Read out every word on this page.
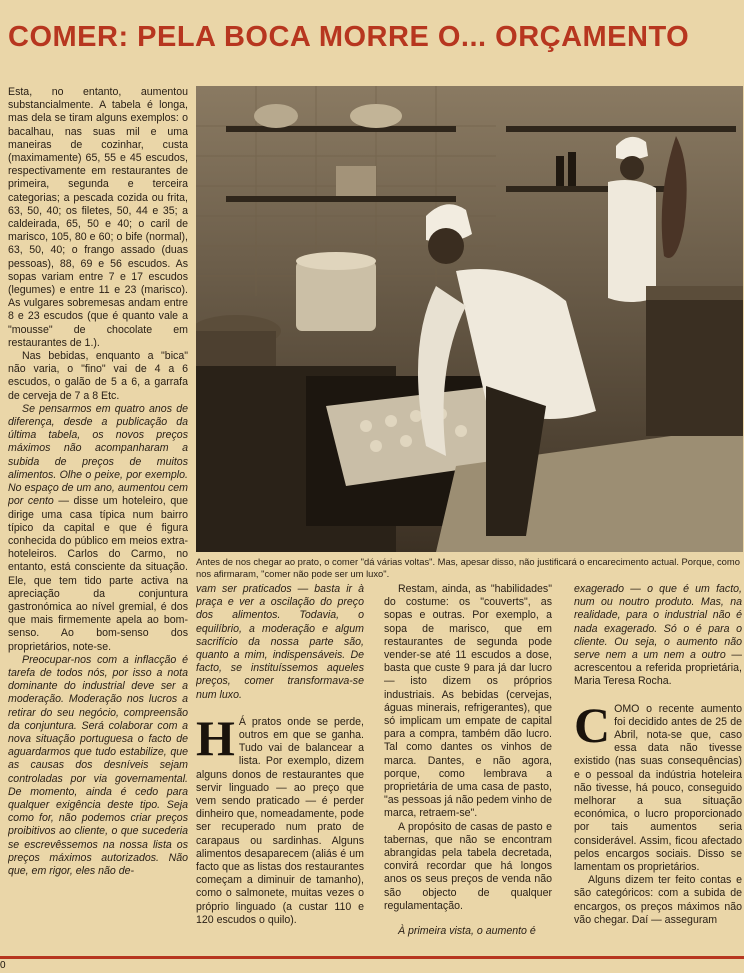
COMER: PELA BOCA MORRE O... ORÇAMENTO

Esta, no entanto, aumentou substancialmente. A tabela é longa, mas dela se tiram alguns exemplos: o bacalhau, nas suas mil e uma maneiras de cozinhar, custa (maximamente) 65, 55 e 45 escudos, respectivamente em restaurantes de primeira, segunda e terceira categorias; a pescada cozida ou frita, 63, 50, 40; os filetes, 50, 44 e 35; a caldeirada, 65, 50 e 40; o caril de marisco, 105, 80 e 60; o bife (normal), 63, 50, 40; o frango assado (duas pessoas), 88, 69 e 56 escudos. As sopas variam entre 7 e 17 escudos (legumes) e entre 11 e 23 (marisco). As vulgares sobremesas andam entre 8 e 23 escudos (que é quanto vale a "mousse" de chocolate em restaurantes de 1.).

Nas bebidas, enquanto a "bica" não varia, o "fino" vai de 4 a 6 escudos, o galão de 5 a 6, a garrafa de cerveja de 7 a 8 Etc.

Se pensarmos em quatro anos de diferença, desde a publicação da última tabela, os novos preços máximos não acompanharam a subida de preços de muitos alimentos. Olhe o peixe, por exemplo. No espaço de um ano, aumentou cem por cento — disse um hoteleiro, que dirige uma casa típica num bairro típico da capital e que é figura conhecida do público em meios extra-hoteleiros. Carlos do Carmo, no entanto, está consciente da situação. Ele, que tem tido parte activa na apreciação da conjuntura gastronómica ao nível gremial, é dos que mais firmemente apela ao bom-senso. Ao bom-senso dos proprietários, note-se.

Preocupar-nos com a inflacção é tarefa de todos nós, por isso a nota dominante do industrial deve ser a moderação. Moderação nos lucros a retirar do seu negócio, compreensão da conjuntura. Será colaborar com a nova situação portuguesa o facto de aguardarmos que tudo estabilize, que as causas dos desníveis sejam controladas por via governamental. De momento, ainda é cedo para qualquer exigência deste tipo. Seja como for, não podemos criar preços proibitivos ao cliente, o que sucederia se escrevêssemos na nossa lista os preços máximos autorizados. Não que, em rigor, eles não de-

Antes de nos chegar ao prato, o comer "dá várias voltas". Mas, apesar disso, não justificará o encarecimento actual. Porque, como nos afirmaram, "comer não pode ser um luxo".

vam ser praticados — basta ir à praça e ver a oscilação do preço dos alimentos. Todavia, o equilíbrio, a moderação e algum sacrifício da nossa parte são, quanto a mim, indispensáveis. De facto, se instituíssemos aqueles preços, comer transformava-se num luxo.

H Á pratos onde se perde, outros em que se ganha. Tudo vai de balancear a lista. Por exemplo, dizem alguns donos de restaurantes que servir linguado — ao preço que vem sendo praticado — é perder dinheiro que, nomeadamente, pode ser recuperado num prato de carapaus ou sardinhas. Alguns alimentos desaparecem (aliás é um facto que as listas dos restaurantes começam a diminuir de tamanho), como o salmonete, muitas vezes o próprio linguado (a custar 110 e 120 escudos o quilo).

Restam, ainda, as "habilidades" do costume: os "couverts", as sopas e outras. Por exemplo, a sopa de marisco, que em restaurantes de segunda pode vender-se até 11 escudos a dose, basta que custe 9 para já dar lucro — isto dizem os próprios industriais. As bebidas (cervejas, águas minerais, refrigerantes), que só implicam um empate de capital para a compra, também dão lucro. Tal como dantes os vinhos de marca. Dantes, e não agora, porque, como lembrava a proprietária de uma casa de pasto, "as pessoas já não pedem vinho de marca, retraem-se".

A propósito de casas de pasto e tabernas, que não se encontram abrangidas pela tabela decretada, convirá recordar que há longos anos os seus preços de venda não são objecto de qualquer regulamentação.

À primeira vista, o aumento é

exagerado — o que é um facto, num ou noutro produto. Mas, na realidade, para o industrial não é nada exagerado. Só o é para o cliente. Ou seja, o aumento não serve nem a um nem a outro — acrescentou a referida proprietária, Maria Teresa Rocha.

COMO o recente aumento foi decidido antes de 25 de Abril, nota-se que, caso essa data não tivesse existido (nas suas consequências) e o pessoal da indústria hoteleira não tivesse, há pouco, conseguido melhorar a sua situação económica, o lucro proporcionado por tais aumentos seria considerável. Assim, ficou afectado pelos encargos sociais. Disso se lamentam os proprietários.

Alguns dizem ter feito contas e são categóricos: com a subida de encargos, os preços máximos não vão chegar. Daí — asseguram

0
